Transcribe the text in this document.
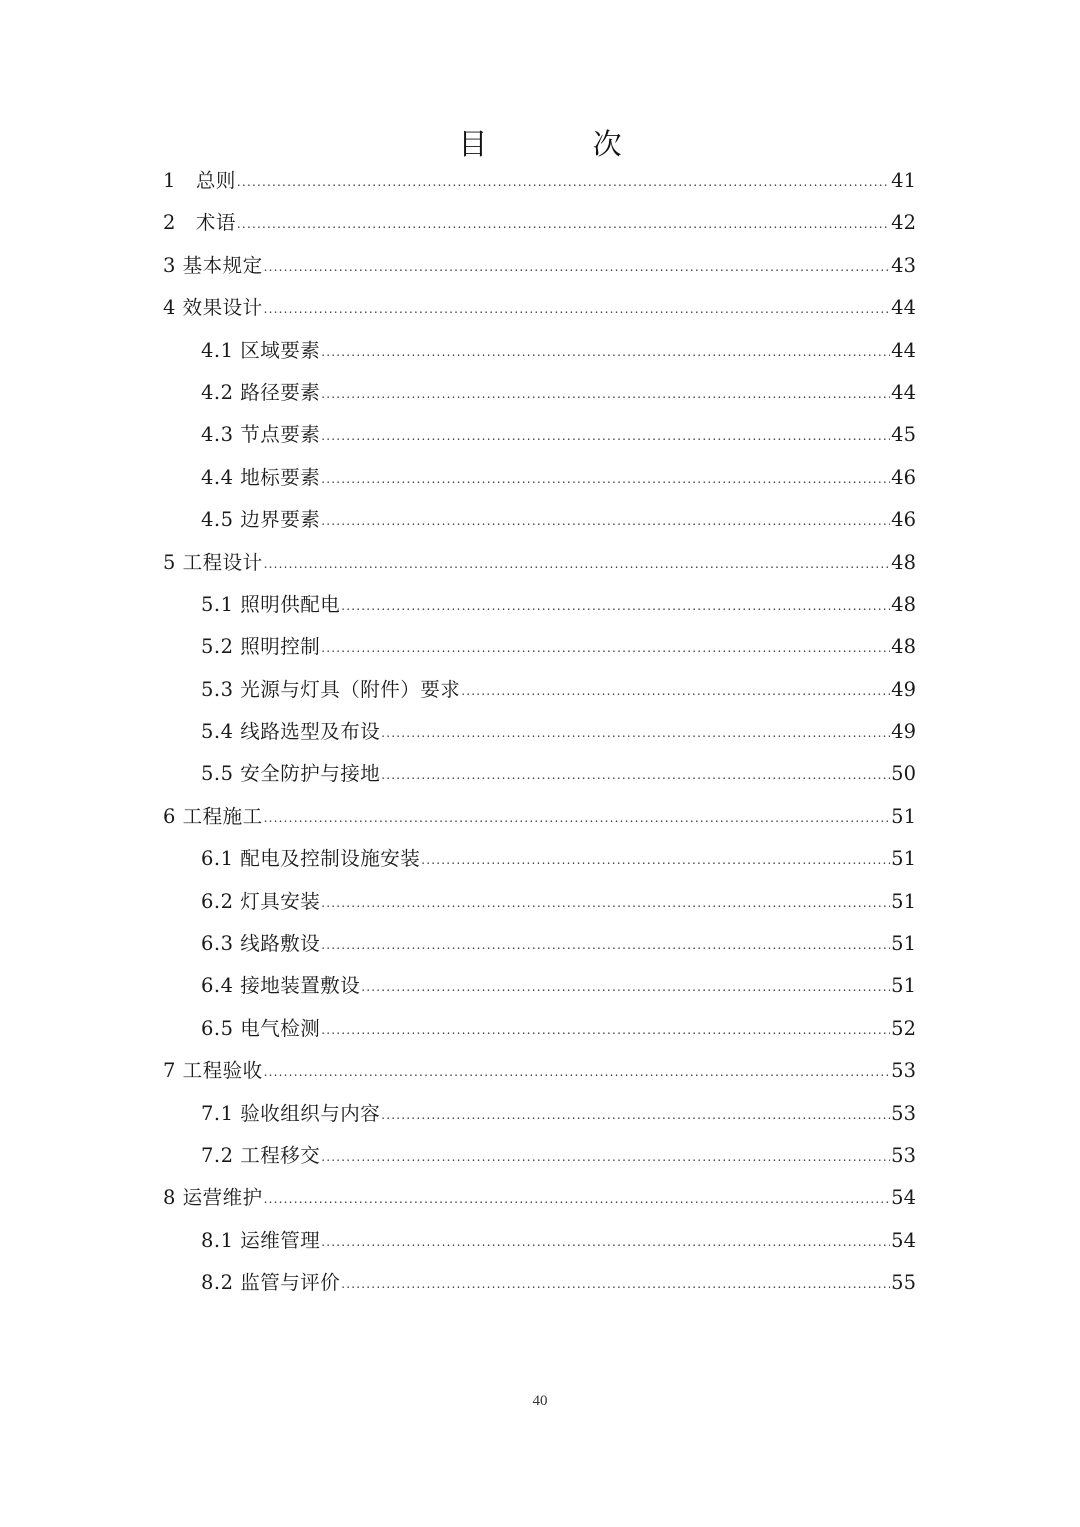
目 次
1　总则 .....	41
2　术语 .....	42
3 基本规定 .....	43
4 效果设计 .....	44
4.1 区域要素 .....	44
4.2 路径要素 .....	44
4.3 节点要素 .....	45
4.4 地标要素 .....	46
4.5 边界要素 .....	46
5 工程设计 .....	48
5.1 照明供配电 .....	48
5.2 照明控制 .....	48
5.3 光源与灯具（附件）要求 .....	49
5.4 线路选型及布设 .....	49
5.5 安全防护与接地 .....	50
6 工程施工 .....	51
6.1 配电及控制设施安装 .....	51
6.2 灯具安装 .....	51
6.3 线路敷设 .....	51
6.4 接地装置敷设 .....	51
6.5 电气检测 .....	52
7 工程验收 .....	53
7.1 验收组织与内容 .....	53
7.2 工程移交 .....	53
8 运营维护 .....	54
8.1 运维管理 .....	54
8.2 监管与评价 .....	55
40
